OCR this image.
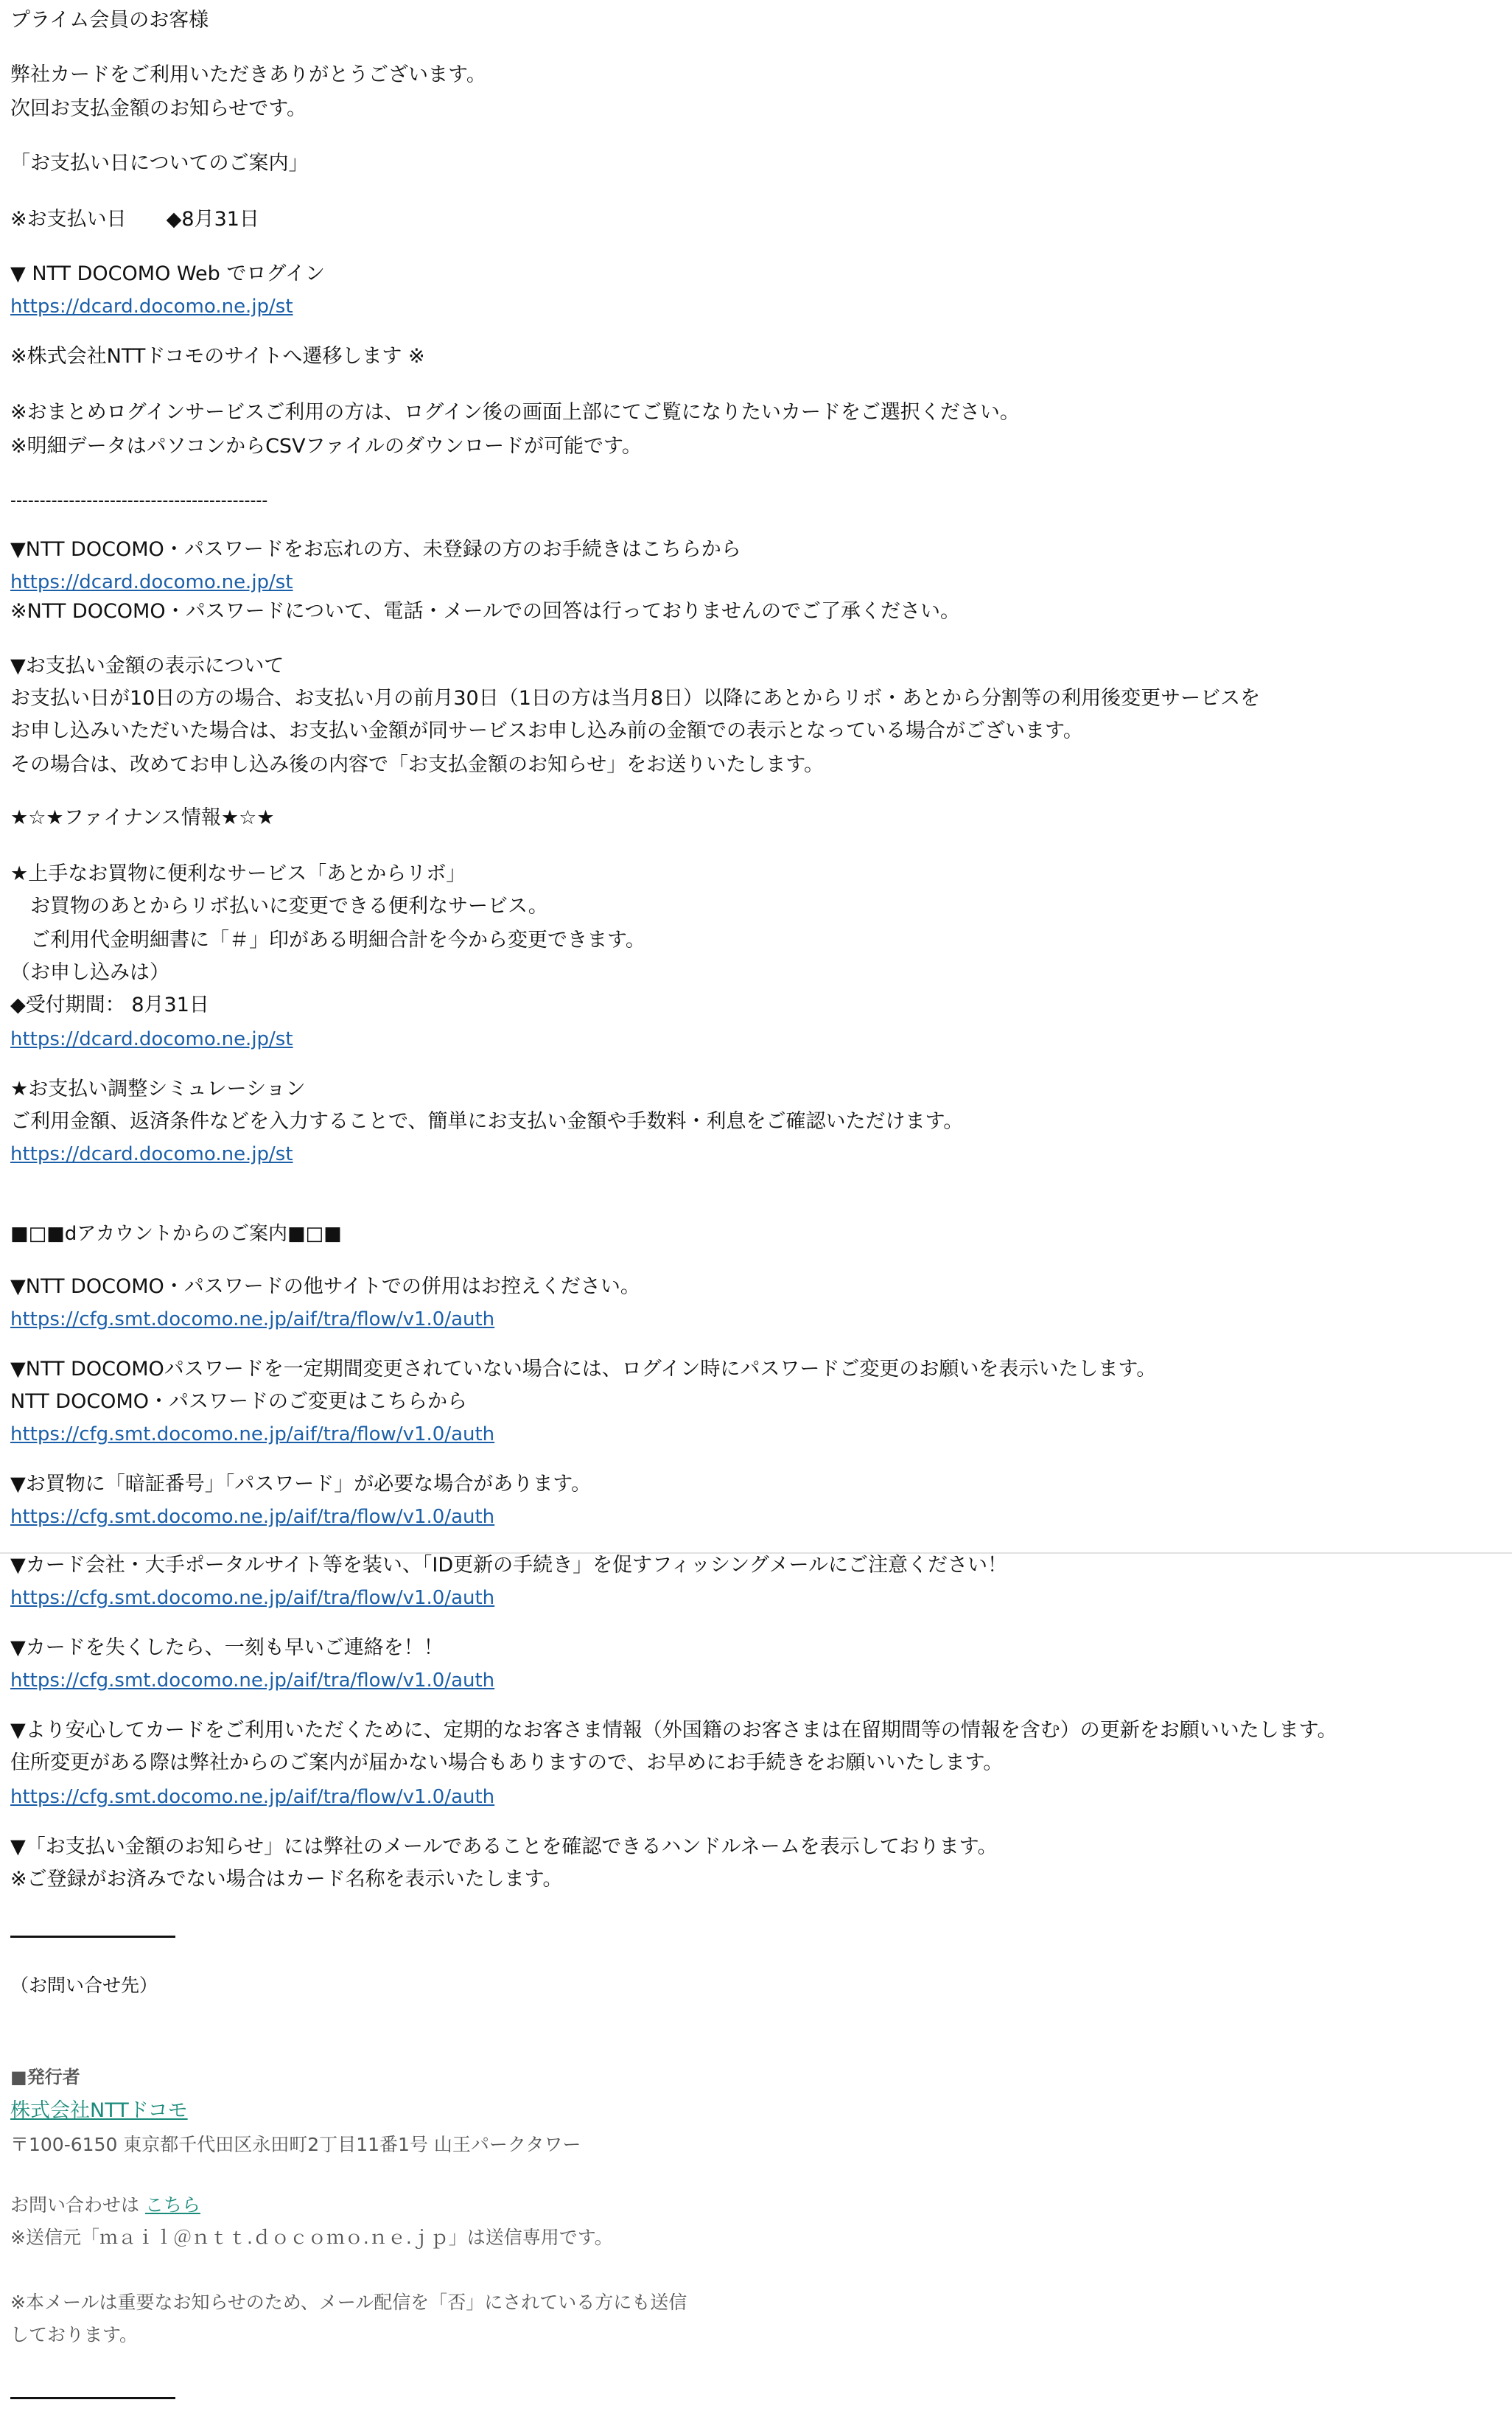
プライム会員のお客様

弊社カードをご利用いただきありがとうございます。

次回お支払金額のお知らせです。

「お支払い日についてのご案内」

※お支払い日　　◆8月31日

▼ NTT DOCOMO Web でログイン

https://dcard.docomo.ne.jp/st

※株式会社NTTドコモのサイトへ遷移します ※

※おまとめログインサービスご利用の方は、ログイン後の画面上部にてご覧になりたいカードをご選択ください。

※明細データはパソコンからCSVファイルのダウンロードが可能です。

--------------------------------------------

▼NTT DOCOMO・パスワードをお忘れの方、未登録の方のお手続きはこちらから

https://dcard.docomo.ne.jp/st

※NTT DOCOMO・パスワードについて、電話・メールでの回答は行っておりませんのでご了承ください。

▼お支払い金額の表示について

お支払い日が10日の方の場合、お支払い月の前月30日（1日の方は当月8日）以降にあとからリボ・あとから分割等の利用後変更サービスを

お申し込みいただいた場合は、お支払い金額が同サービスお申し込み前の金額での表示となっている場合がございます。

その場合は、改めてお申し込み後の内容で「お支払金額のお知らせ」をお送りいたします。

★☆★ファイナンス情報★☆★

★上手なお買物に便利なサービス「あとからリボ」

　お買物のあとからリボ払いに変更できる便利なサービス。

　ご利用代金明細書に「＃」印がある明細合計を今から変更できます。

（お申し込みは）

◆受付期間： 8月31日

https://dcard.docomo.ne.jp/st

★お支払い調整シミュレーション

ご利用金額、返済条件などを入力することで、簡単にお支払い金額や手数料・利息をご確認いただけます。

https://dcard.docomo.ne.jp/st

■□■dアカウントからのご案内■□■

▼NTT DOCOMO・パスワードの他サイトでの併用はお控えください。

https://cfg.smt.docomo.ne.jp/aif/tra/flow/v1.0/auth

▼NTT DOCOMOパスワードを一定期間変更されていない場合には、ログイン時にパスワードご変更のお願いを表示いたします。

NTT DOCOMO・パスワードのご変更はこちらから

https://cfg.smt.docomo.ne.jp/aif/tra/flow/v1.0/auth

▼お買物に「暗証番号」「パスワード」が必要な場合があります。

https://cfg.smt.docomo.ne.jp/aif/tra/flow/v1.0/auth

▼カード会社・大手ポータルサイト等を装い、「ID更新の手続き」を促すフィッシングメールにご注意ください！

https://cfg.smt.docomo.ne.jp/aif/tra/flow/v1.0/auth

▼カードを失くしたら、一刻も早いご連絡を！！

https://cfg.smt.docomo.ne.jp/aif/tra/flow/v1.0/auth

▼より安心してカードをご利用いただくために、定期的なお客さま情報（外国籍のお客さまは在留期間等の情報を含む）の更新をお願いいたします。

住所変更がある際は弊社からのご案内が届かない場合もありますので、お早めにお手続きをお願いいたします。

https://cfg.smt.docomo.ne.jp/aif/tra/flow/v1.0/auth

▼「お支払い金額のお知らせ」には弊社のメールであることを確認できるハンドルネームを表示しております。

※ご登録がお済みでない場合はカード名称を表示いたします。

（お問い合せ先）

■発行者

株式会社NTTドコモ

〒100-6150 東京都千代田区永田町2丁目11番1号 山王パークタワー

お問い合わせは こちら

※送信元「ｍａｉｌ＠ｎｔｔ.ｄｏｃｏｍｏ.ｎｅ.ｊｐ」は送信専用です。

※本メールは重要なお知らせのため、メール配信を「否」にされている方にも送信

しております。
